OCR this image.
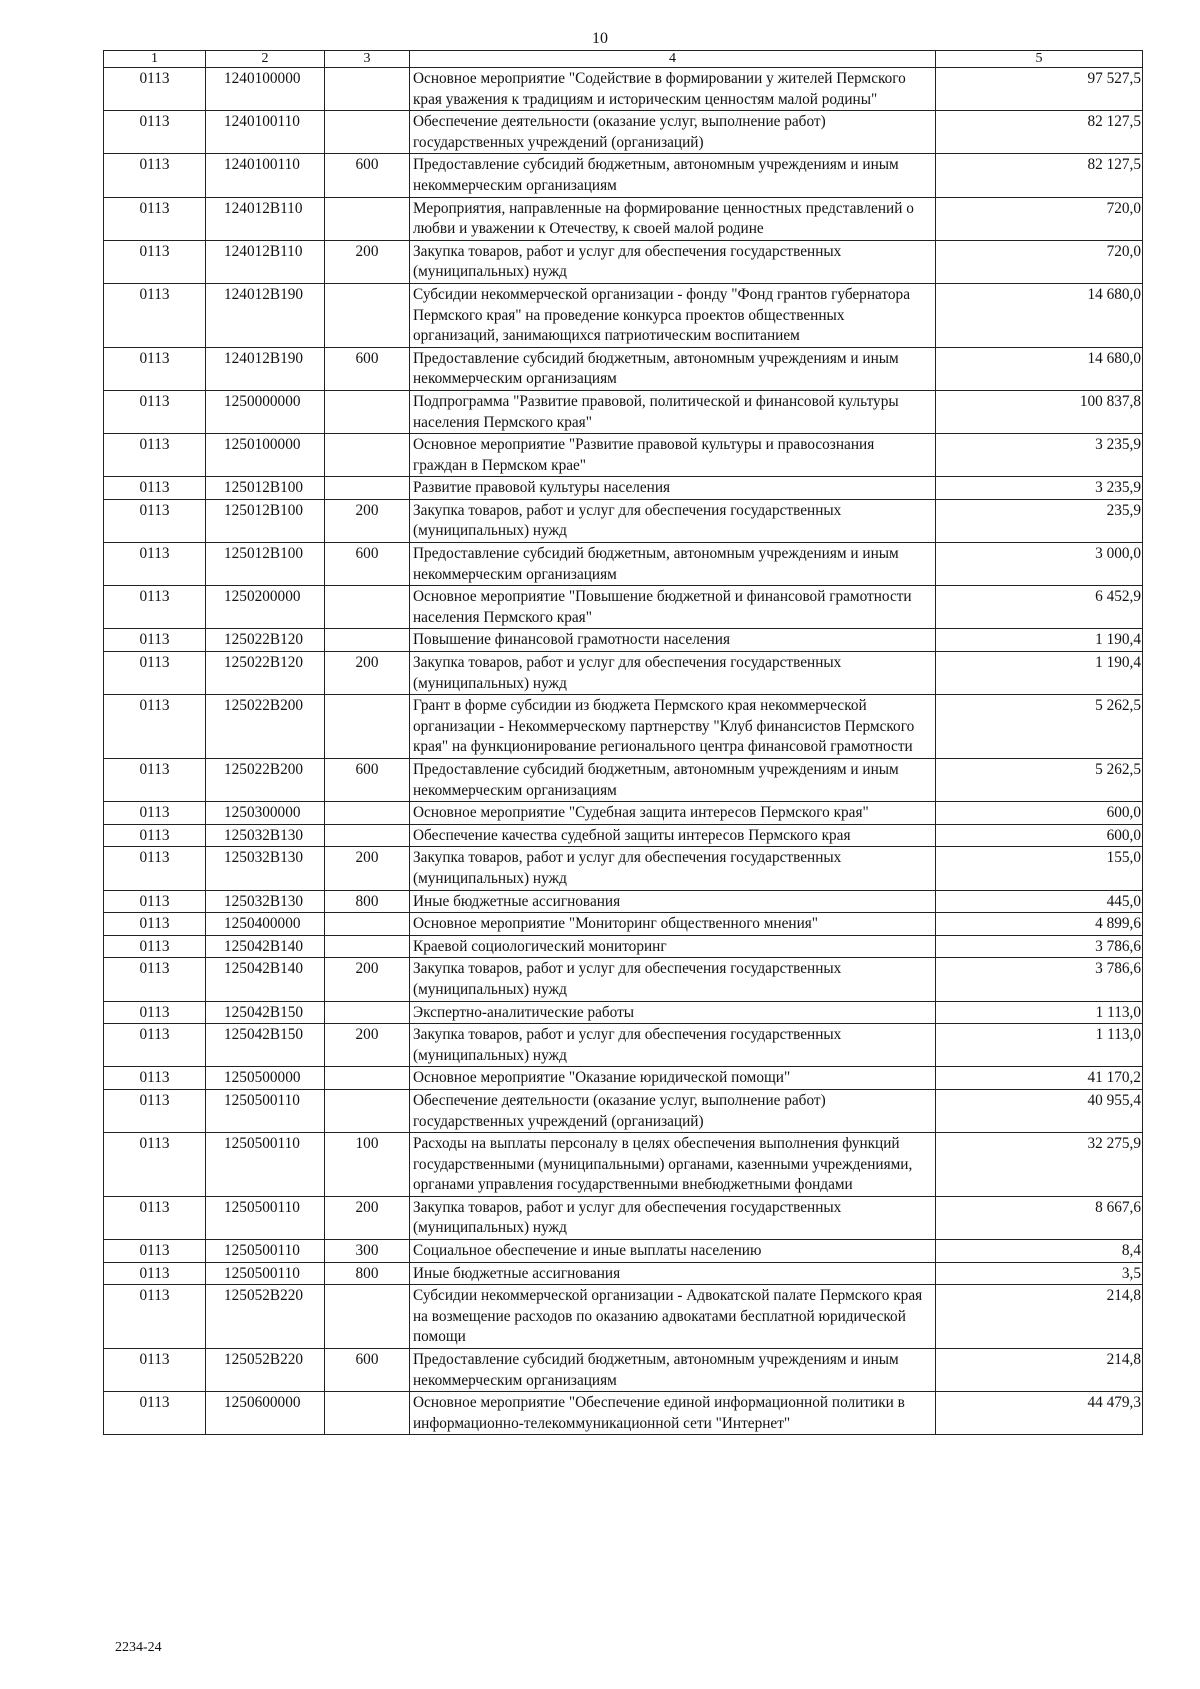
10
1	2	3	4	5
0113	1240100000		Основное мероприятие "Содействие в формировании у жителей Пермского края уважения к традициям и историческим ценностям малой родины"	97 527,5
0113	1240100110		Обеспечение деятельности (оказание услуг, выполнение работ) государственных учреждений (организаций)	82 127,5
0113	1240100110	600	Предоставление субсидий бюджетным, автономным учреждениям и иным некоммерческим организациям	82 127,5
0113	124012B110		Мероприятия, направленные на формирование ценностных представлений о любви и уважении к Отечеству, к своей малой родине	720,0
0113	124012B110	200	Закупка товаров, работ и услуг для обеспечения государственных (муниципальных) нужд	720,0
0113	124012B190		Субсидии некоммерческой организации - фонду "Фонд грантов губернатора Пермского края" на проведение конкурса проектов общественных организаций, занимающихся патриотическим воспитанием	14 680,0
0113	124012B190	600	Предоставление субсидий бюджетным, автономным учреждениям и иным некоммерческим организациям	14 680,0
0113	1250000000		Подпрограмма "Развитие правовой, политической и финансовой культуры населения Пермского края"	100 837,8
0113	1250100000		Основное мероприятие "Развитие правовой культуры и правосознания граждан в Пермском крае"	3 235,9
0113	125012B100		Развитие правовой культуры населения	3 235,9
0113	125012B100	200	Закупка товаров, работ и услуг для обеспечения государственных (муниципальных) нужд	235,9
0113	125012B100	600	Предоставление субсидий бюджетным, автономным учреждениям и иным некоммерческим организациям	3 000,0
0113	1250200000		Основное мероприятие "Повышение бюджетной и финансовой грамотности населения Пермского края"	6 452,9
0113	125022B120		Повышение финансовой грамотности населения	1 190,4
0113	125022B120	200	Закупка товаров, работ и услуг для обеспечения государственных (муниципальных) нужд	1 190,4
0113	125022B200		Грант в форме субсидии из бюджета Пермского края некоммерческой организации - Некоммерческому партнерству "Клуб финансистов Пермского края" на функционирование регионального центра финансовой грамотности	5 262,5
0113	125022B200	600	Предоставление субсидий бюджетным, автономным учреждениям и иным некоммерческим организациям	5 262,5
0113	1250300000		Основное мероприятие "Судебная защита интересов Пермского края"	600,0
0113	125032B130		Обеспечение качества судебной защиты интересов Пермского края	600,0
0113	125032B130	200	Закупка товаров, работ и услуг для обеспечения государственных (муниципальных) нужд	155,0
0113	125032B130	800	Иные бюджетные ассигнования	445,0
0113	1250400000		Основное мероприятие "Мониторинг общественного мнения"	4 899,6
0113	125042B140		Краевой социологический мониторинг	3 786,6
0113	125042B140	200	Закупка товаров, работ и услуг для обеспечения государственных (муниципальных) нужд	3 786,6
0113	125042B150		Экспертно-аналитические работы	1 113,0
0113	125042B150	200	Закупка товаров, работ и услуг для обеспечения государственных (муниципальных) нужд	1 113,0
0113	1250500000		Основное мероприятие "Оказание юридической помощи"	41 170,2
0113	1250500110		Обеспечение деятельности (оказание услуг, выполнение работ) государственных учреждений (организаций)	40 955,4
0113	1250500110	100	Расходы на выплаты персоналу в целях обеспечения выполнения функций государственными (муниципальными) органами, казенными учреждениями, органами управления государственными внебюджетными фондами	32 275,9
0113	1250500110	200	Закупка товаров, работ и услуг для обеспечения государственных (муниципальных) нужд	8 667,6
0113	1250500110	300	Социальное обеспечение и иные выплаты населению	8,4
0113	1250500110	800	Иные бюджетные ассигнования	3,5
0113	125052B220		Субсидии некоммерческой организации - Адвокатской палате Пермского края на возмещение расходов по оказанию адвокатами бесплатной юридической помощи	214,8
0113	125052B220	600	Предоставление субсидий бюджетным, автономным учреждениям и иным некоммерческим организациям	214,8
0113	1250600000		Основное мероприятие "Обеспечение единой информационной политики в информационно-телекоммуникационной сети "Интернет"	44 479,3
2234-24
